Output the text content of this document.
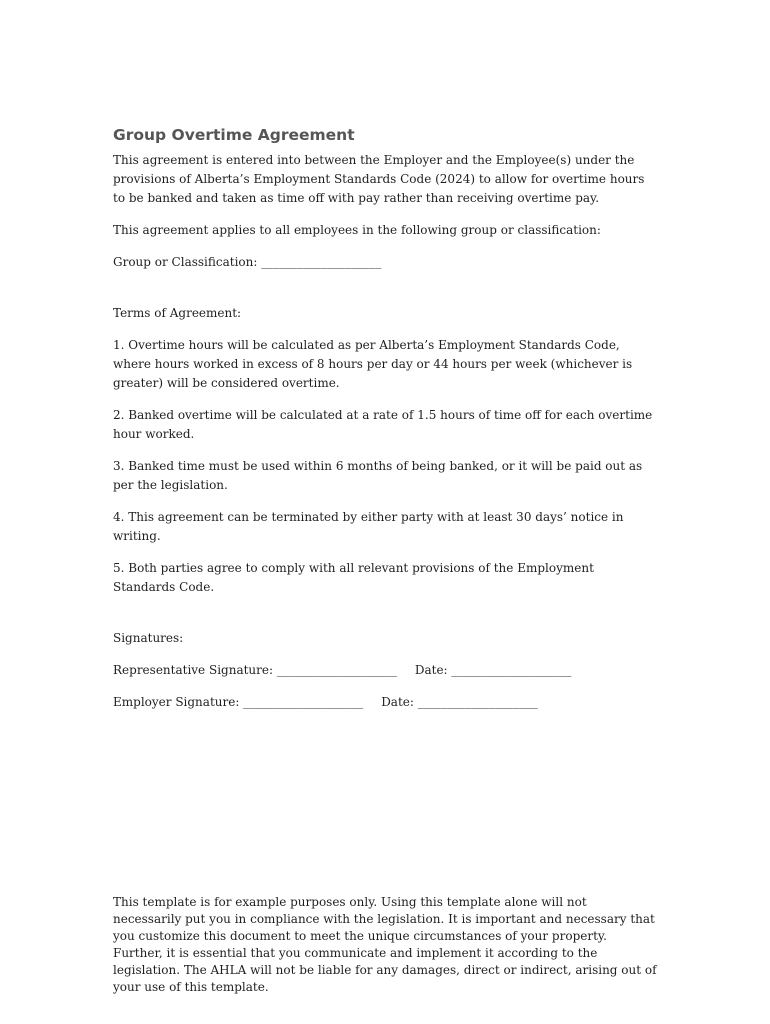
Group Overtime Agreement

This agreement is entered into between the Employer and the Employee(s) under the provisions of Alberta’s Employment Standards Code (2024) to allow for overtime hours to be banked and taken as time off with pay rather than receiving overtime pay.

This agreement applies to all employees in the following group or classification:

Group or Classification: ____________________

Terms of Agreement:

1. Overtime hours will be calculated as per Alberta’s Employment Standards Code, where hours worked in excess of 8 hours per day or 44 hours per week (whichever is greater) will be considered overtime.

2. Banked overtime will be calculated at a rate of 1.5 hours of time off for each overtime hour worked.

3. Banked time must be used within 6 months of being banked, or it will be paid out as per the legislation.

4. This agreement can be terminated by either party with at least 30 days’ notice in writing.

5. Both parties agree to comply with all relevant provisions of the Employment Standards Code.

Signatures:

Representative Signature: ____________________ Date: ____________________
Employer Signature: ____________________ Date: ____________________

This template is for example purposes only. Using this template alone will not necessarily put you in compliance with the legislation. It is important and necessary that you customize this document to meet the unique circumstances of your property. Further, it is essential that you communicate and implement it according to the legislation. The AHLA will not be liable for any damages, direct or indirect, arising out of your use of this template.
